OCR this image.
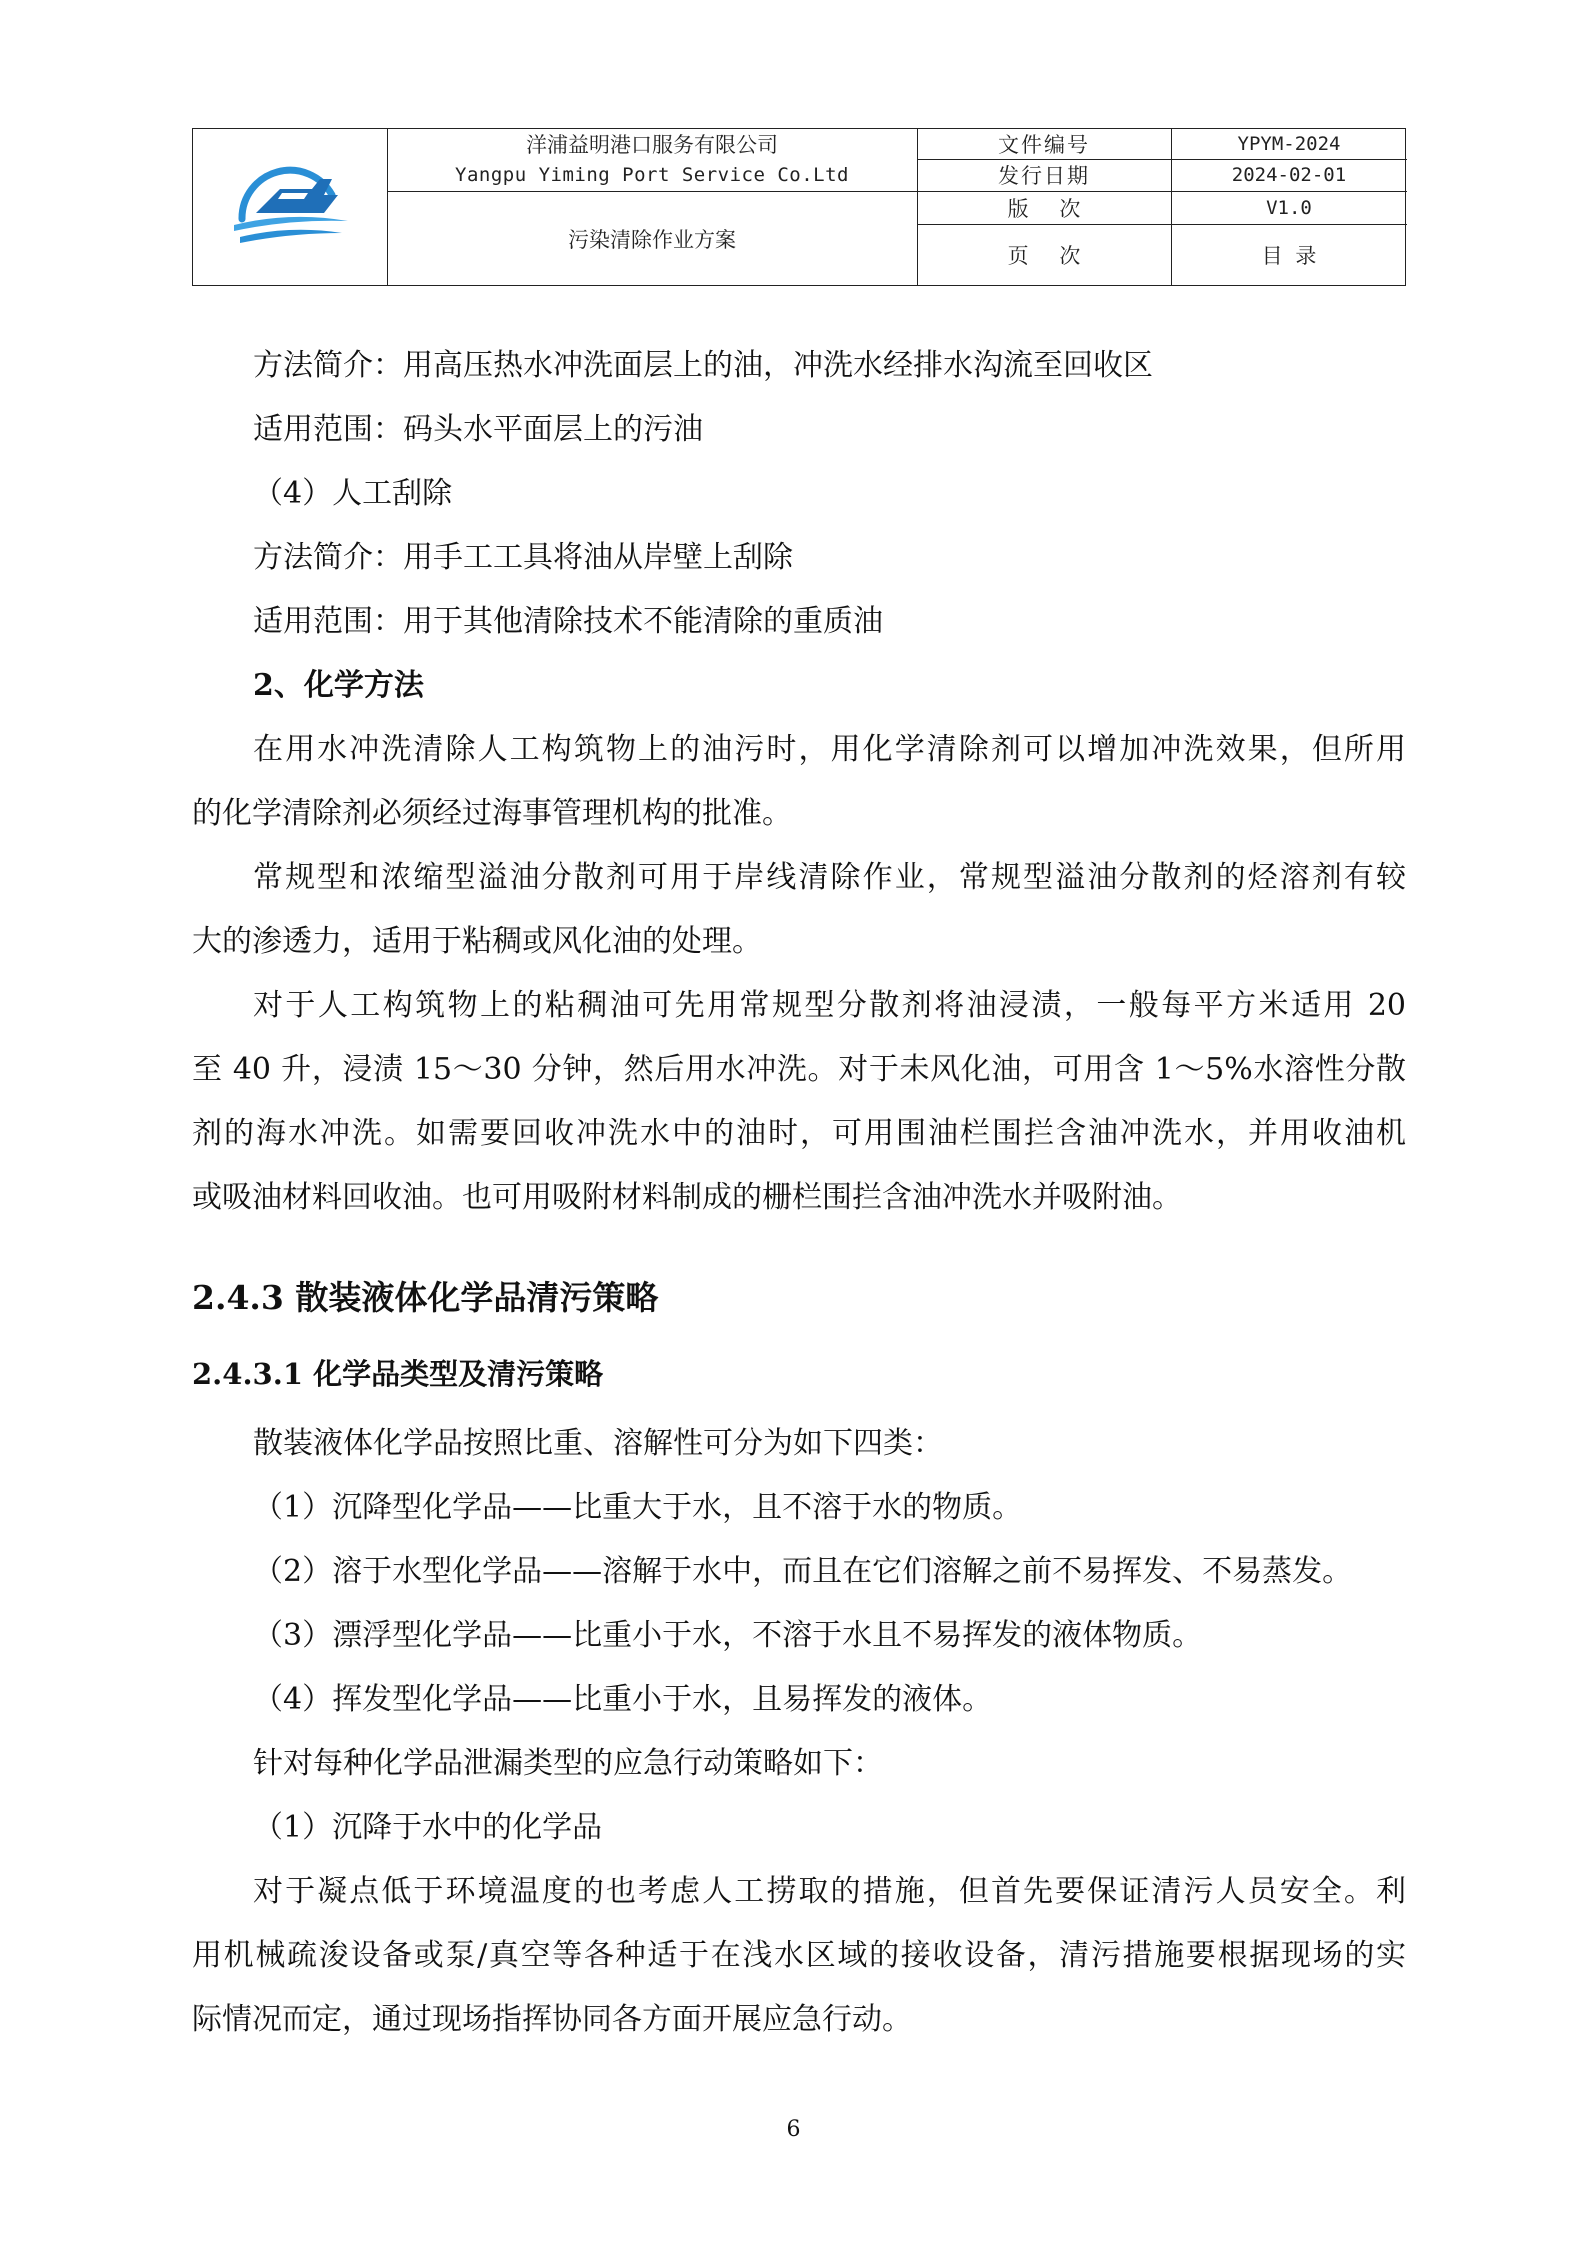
洋浦益明港口服务有限公司
Yangpu Yiming Port Service Co.Ltd
污染清除作业方案
文件编号	YPYM-2024
发行日期	2024-02-01
版 次	V1.0
页 次	目 录
方法简介：用高压热水冲洗面层上的油，冲洗水经排水沟流至回收区
适用范围：码头水平面层上的污油
（4）人工刮除
方法简介：用手工工具将油从岸壁上刮除
适用范围：用于其他清除技术不能清除的重质油
2、化学方法
在用水冲洗清除人工构筑物上的油污时，用化学清除剂可以增加冲洗效果，但所用
的化学清除剂必须经过海事管理机构的批准。
常规型和浓缩型溢油分散剂可用于岸线清除作业，常规型溢油分散剂的烃溶剂有较
大的渗透力，适用于粘稠或风化油的处理。
对于人工构筑物上的粘稠油可先用常规型分散剂将油浸渍，一般每平方米适用 20
至 40 升，浸渍 15～30 分钟，然后用水冲洗。对于未风化油，可用含 1～5%水溶性分散
剂的海水冲洗。如需要回收冲洗水中的油时，可用围油栏围拦含油冲洗水，并用收油机
或吸油材料回收油。也可用吸附材料制成的栅栏围拦含油冲洗水并吸附油。
2.4.3 散装液体化学品清污策略
2.4.3.1 化学品类型及清污策略
散装液体化学品按照比重、溶解性可分为如下四类：
（1）沉降型化学品——比重大于水，且不溶于水的物质。
（2）溶于水型化学品——溶解于水中，而且在它们溶解之前不易挥发、不易蒸发。
（3）漂浮型化学品——比重小于水，不溶于水且不易挥发的液体物质。
（4）挥发型化学品——比重小于水，且易挥发的液体。
针对每种化学品泄漏类型的应急行动策略如下：
（1）沉降于水中的化学品
对于凝点低于环境温度的也考虑人工捞取的措施，但首先要保证清污人员安全。利
用机械疏浚设备或泵/真空等各种适于在浅水区域的接收设备，清污措施要根据现场的实
际情况而定，通过现场指挥协同各方面开展应急行动。
6
